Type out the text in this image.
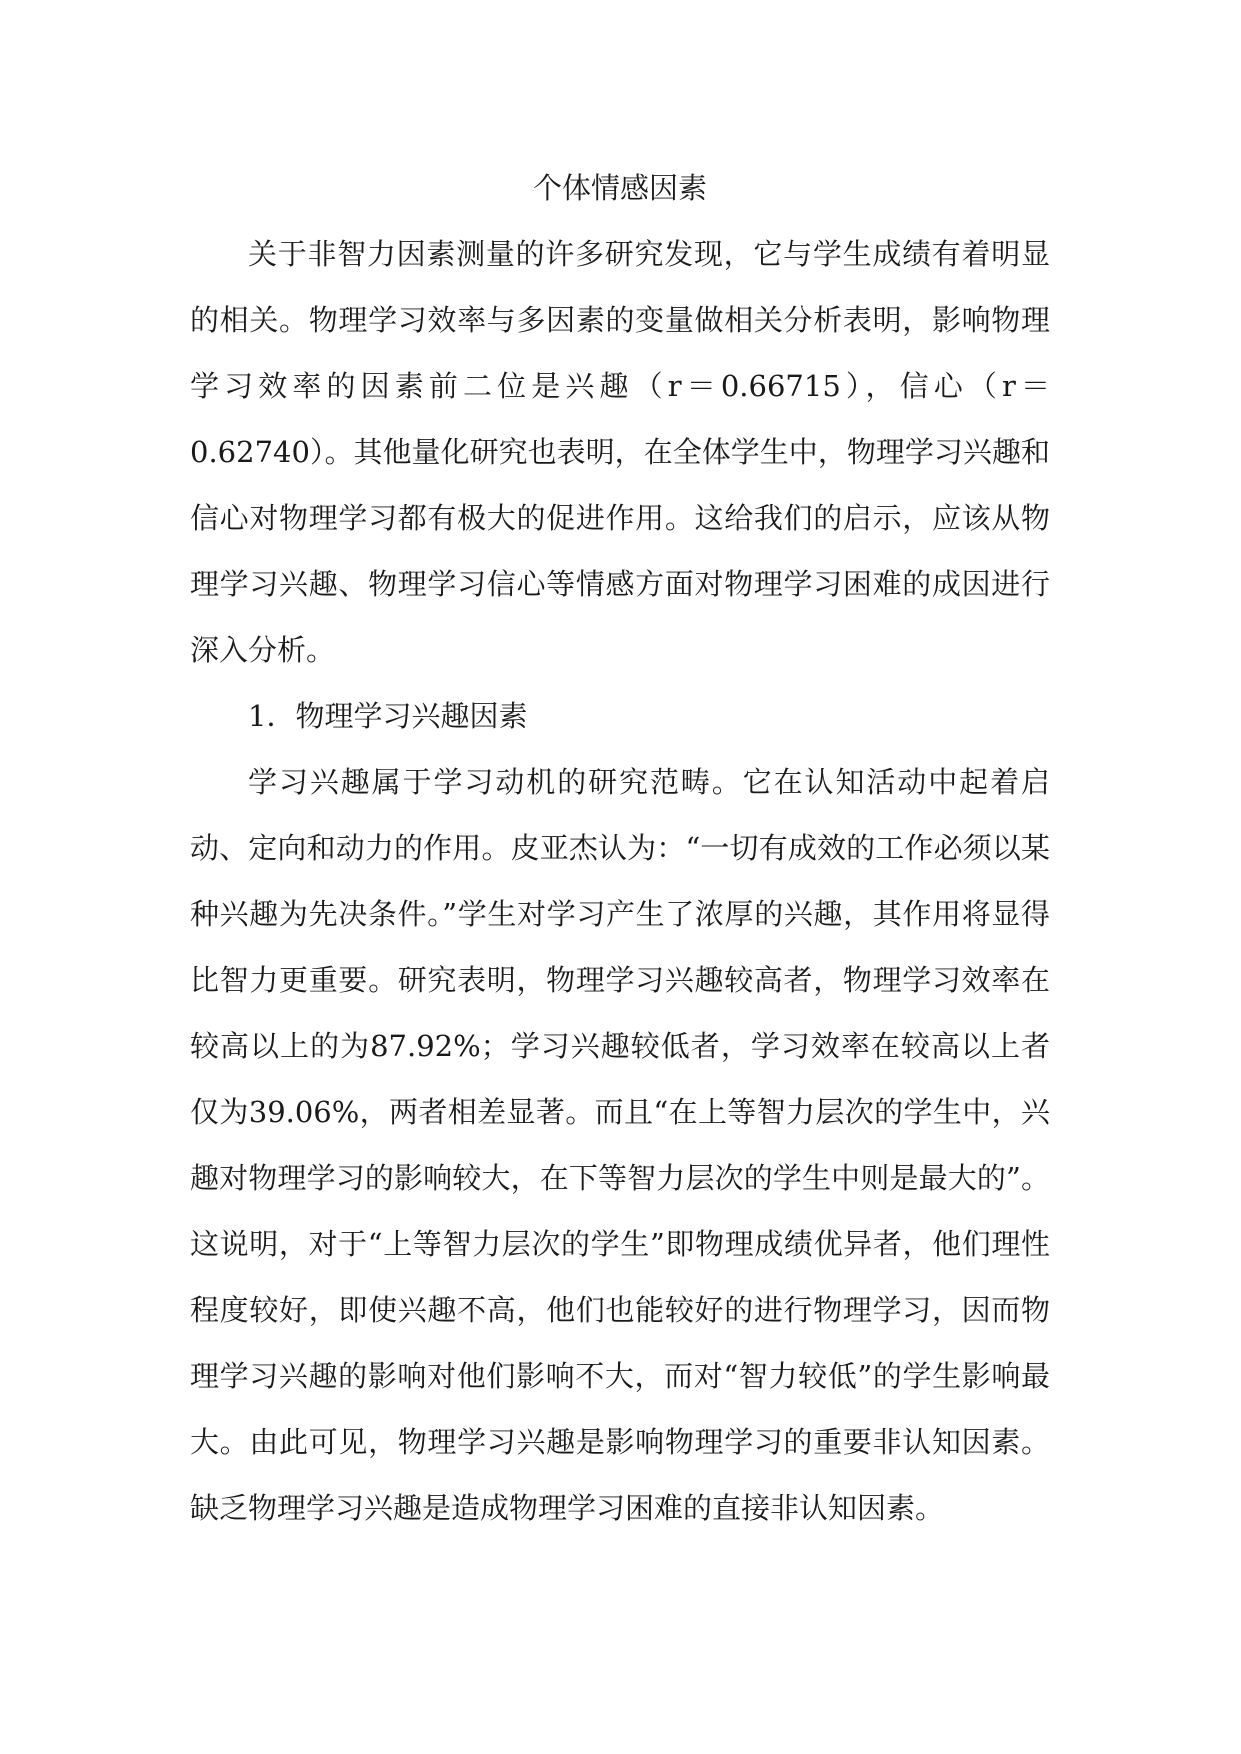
个体情感因素

关于非智力因素测量的许多研究发现，它与学生成绩有着明显的相关。物理学习效率与多因素的变量做相关分析表明，影响物理学习效率的因素前二位是兴趣（r＝0.66715），信心（r＝0.62740）。其他量化研究也表明，在全体学生中，物理学习兴趣和信心对物理学习都有极大的促进作用。这给我们的启示，应该从物理学习兴趣、物理学习信心等情感方面对物理学习困难的成因进行深入分析。

1．物理学习兴趣因素

学习兴趣属于学习动机的研究范畴。它在认知活动中起着启动、定向和动力的作用。皮亚杰认为：“一切有成效的工作必须以某种兴趣为先决条件。”学生对学习产生了浓厚的兴趣，其作用将显得比智力更重要。研究表明，物理学习兴趣较高者，物理学习效率在较高以上的为87.92%；学习兴趣较低者，学习效率在较高以上者仅为39.06%，两者相差显著。而且“在上等智力层次的学生中，兴趣对物理学习的影响较大，在下等智力层次的学生中则是最大的”。这说明，对于“上等智力层次的学生”即物理成绩优异者，他们理性程度较好，即使兴趣不高，他们也能较好的进行物理学习，因而物理学习兴趣的影响对他们影响不大，而对“智力较低”的学生影响最大。由此可见，物理学习兴趣是影响物理学习的重要非认知因素。缺乏物理学习兴趣是造成物理学习困难的直接非认知因素。
